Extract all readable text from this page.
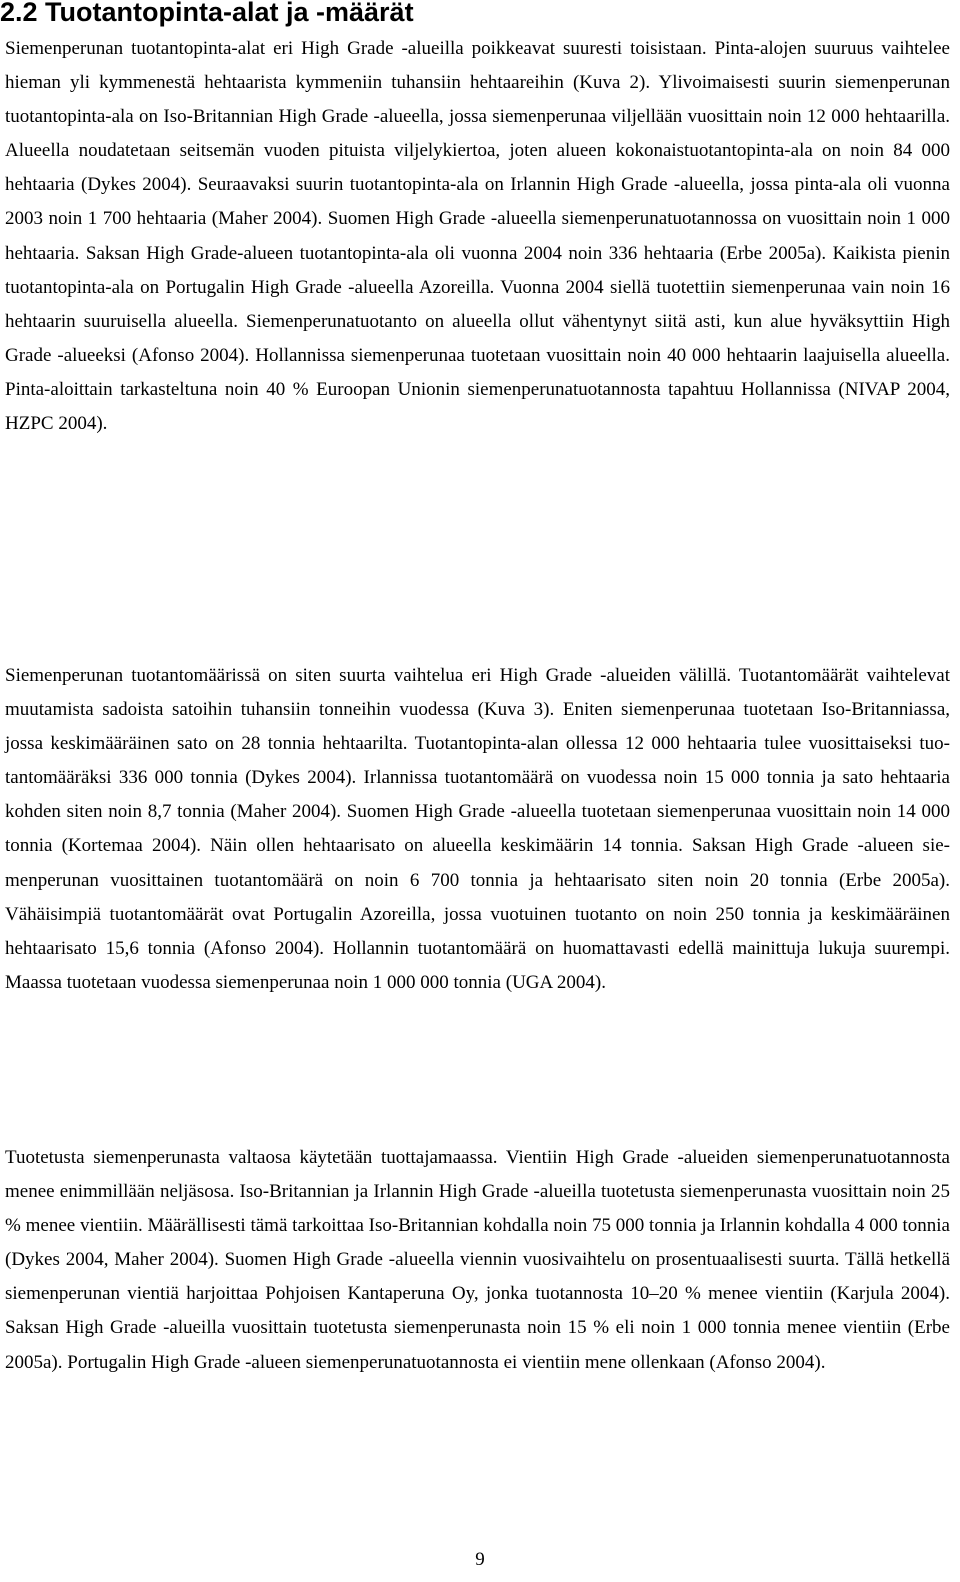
2.2 Tuotantopinta-alat ja -määrät

Siemenperunan tuotantopinta-alat eri High Grade -alueilla poikkeavat suuresti toisistaan. Pinta-alojen suuruus vaihtelee hieman yli kymmenestä hehtaarista kymmeniin tuhansiin hehtaareihin (Kuva 2). Ylivoimaisesti suurin siemenperunan tuotantopinta-ala on Iso-Britannian High Grade -alueella, jossa siemenperunaa viljellään vuosittain noin 12 000 hehtaarilla. Alueella noudatetaan seitsemän vuoden pituista viljelykiertoa, joten alueen kokonaistuotantopinta-ala on noin 84 000 hehtaaria (Dykes 2004). Seuraavaksi suurin tuotantopinta-ala on Irlannin High Grade -alueella, jossa pinta-ala oli vuonna 2003 noin 1 700 hehtaaria (Maher 2004). Suomen High Grade -alueella siemenperunatuotannossa on vuosittain noin 1 000 hehtaaria. Saksan High Grade-alueen tuotantopinta-ala oli vuonna 2004 noin 336 hehtaaria (Erbe 2005a). Kaikista pienin tuotantopinta-ala on Portugalin High Grade -alueella Azoreilla. Vuonna 2004 siellä tuotettiin siemenperunaa vain noin 16 hehtaarin suuruisella alueella. Siemenperunatuotanto on alueella ollut vähentynyt siitä asti, kun alue hyväksyttiin High Grade -alueeksi (Afonso 2004). Hollannissa siemenperunaa tuotetaan vuosittain noin 40 000 hehtaarin laajuisella alueella. Pinta-aloittain tarkasteltuna noin 40 % Euroopan Unionin siemenperunatuotannosta tapahtuu Hollannissa (NIVAP 2004, HZPC 2004).

Siemenperunan tuotantomäärissä on siten suurta vaihtelua eri High Grade -alueiden välillä. Tuotantomäärät vaihtelevat muutamista sadoista satoihin tuhansiin tonneihin vuodessa (Kuva 3). Eniten siemenperunaa tuotetaan Iso-Britanniassa, jossa keskimääräinen sato on 28 tonnia hehtaarilta. Tuotantopinta-alan ollessa 12 000 hehtaaria tulee vuosittaiseksi tuotantomääräksi 336 000 tonnia (Dykes 2004). Irlannissa tuotantomäärä on vuodessa noin 15 000 tonnia ja sato hehtaaria kohden siten noin 8,7 tonnia (Maher 2004). Suomen High Grade -alueella tuotetaan siemenperunaa vuosittain noin 14 000 tonnia (Kortemaa 2004). Näin ollen hehtaarisato on alueella keskimäärin 14 tonnia. Saksan High Grade -alueen siemenperunan vuosittainen tuotantomäärä on noin 6 700 tonnia ja hehtaarisato siten noin 20 tonnia (Erbe 2005a). Vähäisimpiä tuotantomäärät ovat Portugalin Azoreilla, jossa vuotuinen tuotanto on noin 250 tonnia ja keskimääräinen hehtaarisato 15,6 tonnia (Afonso 2004). Hollannin tuotantomäärä on huomattavasti edellä mainittuja lukuja suurempi. Maassa tuotetaan vuodessa siemenperunaa noin 1 000 000 tonnia (UGA 2004).

Tuotetusta siemenperunasta valtaosa käytetään tuottajamaassa. Vientiin High Grade -alueiden siemenperunatuotannosta menee enimmillään neljäsosa. Iso-Britannian ja Irlannin High Grade -alueilla tuotetusta siemenperunasta vuosittain noin 25 % menee vientiin. Määrällisesti tämä tarkoittaa Iso-Britannian kohdalla noin 75 000 tonnia ja Irlannin kohdalla 4 000 tonnia (Dykes 2004, Maher 2004). Suomen High Grade -alueella viennin vuosivaihtelu on prosentuaalisesti suurta. Tällä hetkellä siemenperunan vientiä harjoittaa Pohjoisen Kantaperuna Oy, jonka tuotannosta 10–20 % menee vientiin (Karjula 2004). Saksan High Grade -alueilla vuosittain tuotetusta siemenperunasta noin 15 % eli noin 1 000 tonnia menee vientiin (Erbe 2005a). Portugalin High Grade -alueen siemenperunatuotannosta ei vientiin mene ollenkaan (Afonso 2004).

9
